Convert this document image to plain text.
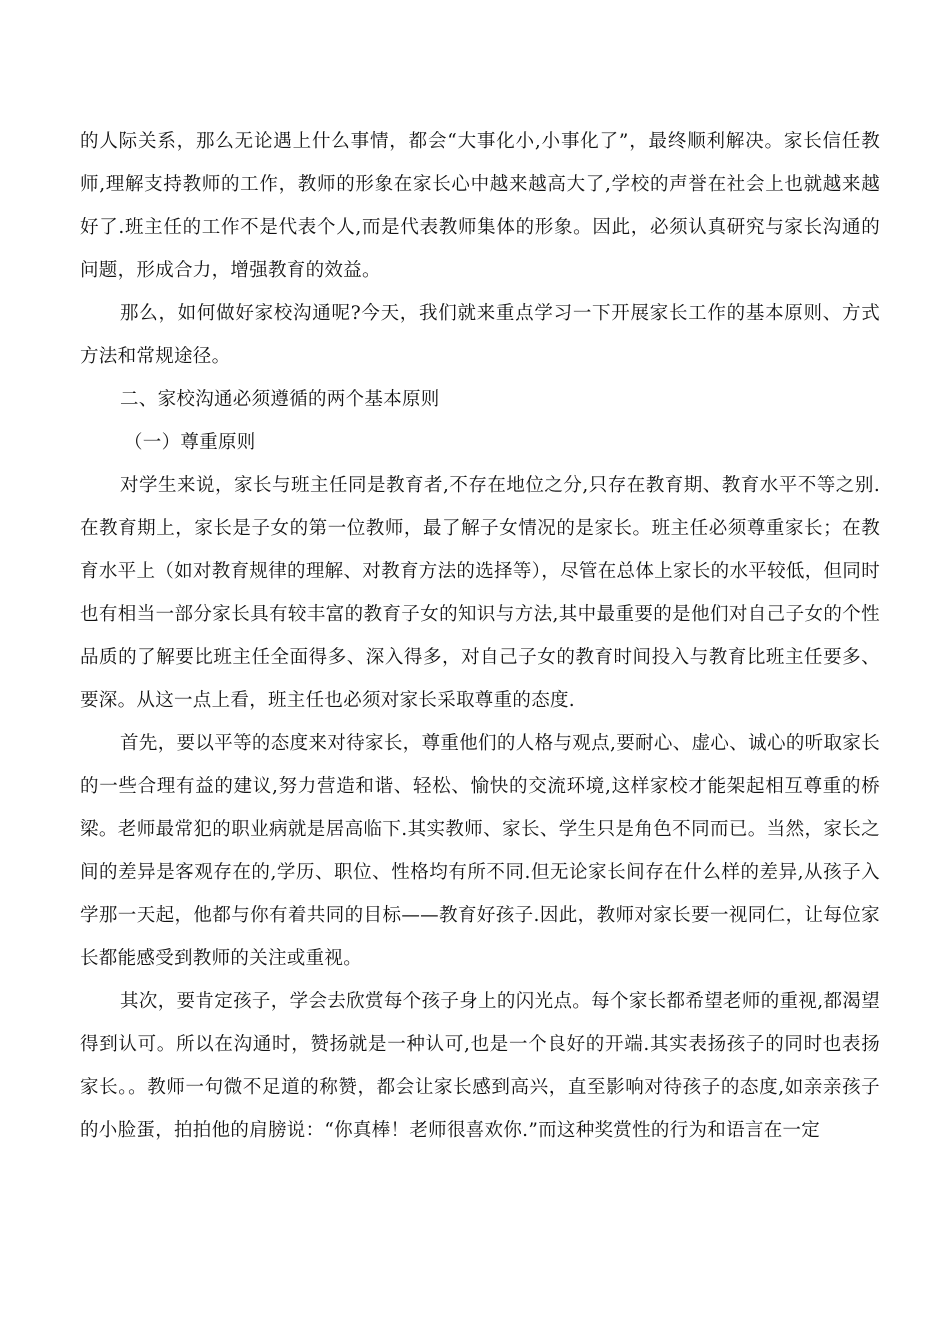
的人际关系，那么无论遇上什么事情，都会“大事化小,小事化了”，最终顺利解决。家长信任教师,理解支持教师的工作，教师的形象在家长心中越来越高大了,学校的声誉在社会上也就越来越好了.班主任的工作不是代表个人,而是代表教师集体的形象。因此，必须认真研究与家长沟通的问题，形成合力，增强教育的效益。

那么，如何做好家校沟通呢?今天，我们就来重点学习一下开展家长工作的基本原则、方式方法和常规途径。

二、家校沟通必须遵循的两个基本原则

（一）尊重原则

对学生来说，家长与班主任同是教育者,不存在地位之分,只存在教育期、教育水平不等之别.在教育期上，家长是子女的第一位教师，最了解子女情况的是家长。班主任必须尊重家长；在教育水平上（如对教育规律的理解、对教育方法的选择等），尽管在总体上家长的水平较低，但同时也有相当一部分家长具有较丰富的教育子女的知识与方法,其中最重要的是他们对自己子女的个性品质的了解要比班主任全面得多、深入得多，对自己子女的教育时间投入与教育比班主任要多、要深。从这一点上看，班主任也必须对家长采取尊重的态度.

首先，要以平等的态度来对待家长，尊重他们的人格与观点,要耐心、虚心、诚心的听取家长的一些合理有益的建议,努力营造和谐、轻松、愉快的交流环境,这样家校才能架起相互尊重的桥梁。老师最常犯的职业病就是居高临下.其实教师、家长、学生只是角色不同而已。当然，家长之间的差异是客观存在的,学历、职位、性格均有所不同.但无论家长间存在什么样的差异,从孩子入学那一天起，他都与你有着共同的目标——教育好孩子.因此，教师对家长要一视同仁，让每位家长都能感受到教师的关注或重视。

其次，要肯定孩子，学会去欣赏每个孩子身上的闪光点。每个家长都希望老师的重视,都渴望得到认可。所以在沟通时，赞扬就是一种认可,也是一个良好的开端.其实表扬孩子的同时也表扬家长。。教师一句微不足道的称赞，都会让家长感到高兴，直至影响对待孩子的态度,如亲亲孩子的小脸蛋，拍拍他的肩膀说：“你真棒！老师很喜欢你.”而这种奖赏性的行为和语言在一定
